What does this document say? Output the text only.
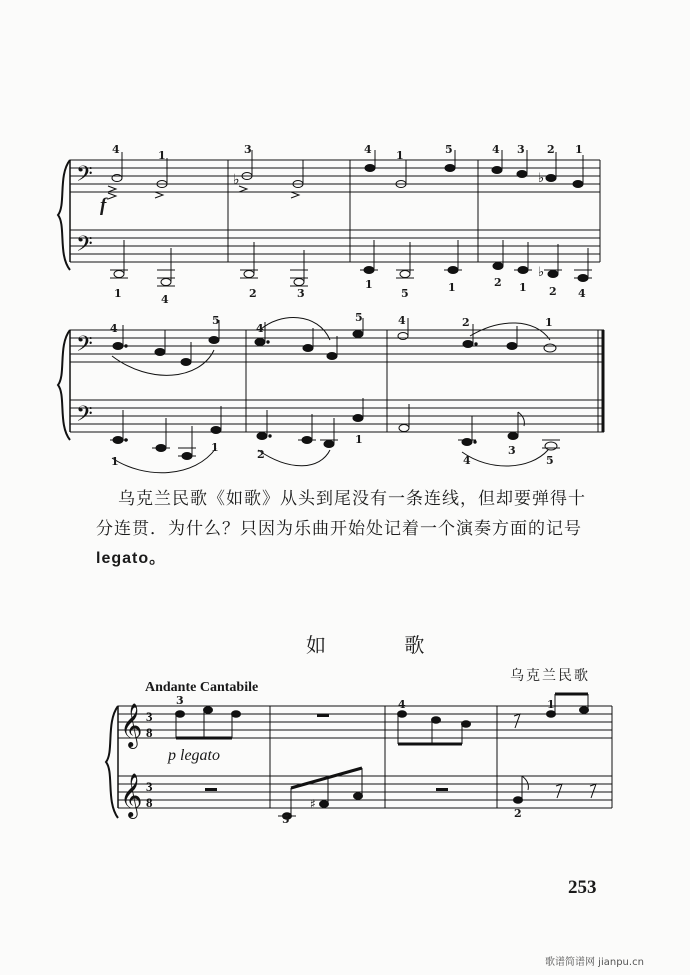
𝄢
𝄢
♭	♭
♭
𝄢
𝄢
𝄞
𝄞
3
8
3
8	♯
f
4	1	3	4 1	5	4 3 2 1
1	4	2	3
1
5	1	2 1 2 4
4
5
4
5	4	2	1
1
1
2
1
4
3
5
乌克兰民歌《如歌》从头到尾没有一条连线，但却要弹得十
分连贯．为什么？只因为乐曲开始处记着一个演奏方面的记号
legato。
如 歌
乌克兰民歌
Andante Cantabile
3	4	1
5	2
p legato
253
歌谱简谱网 jianpu.cn
